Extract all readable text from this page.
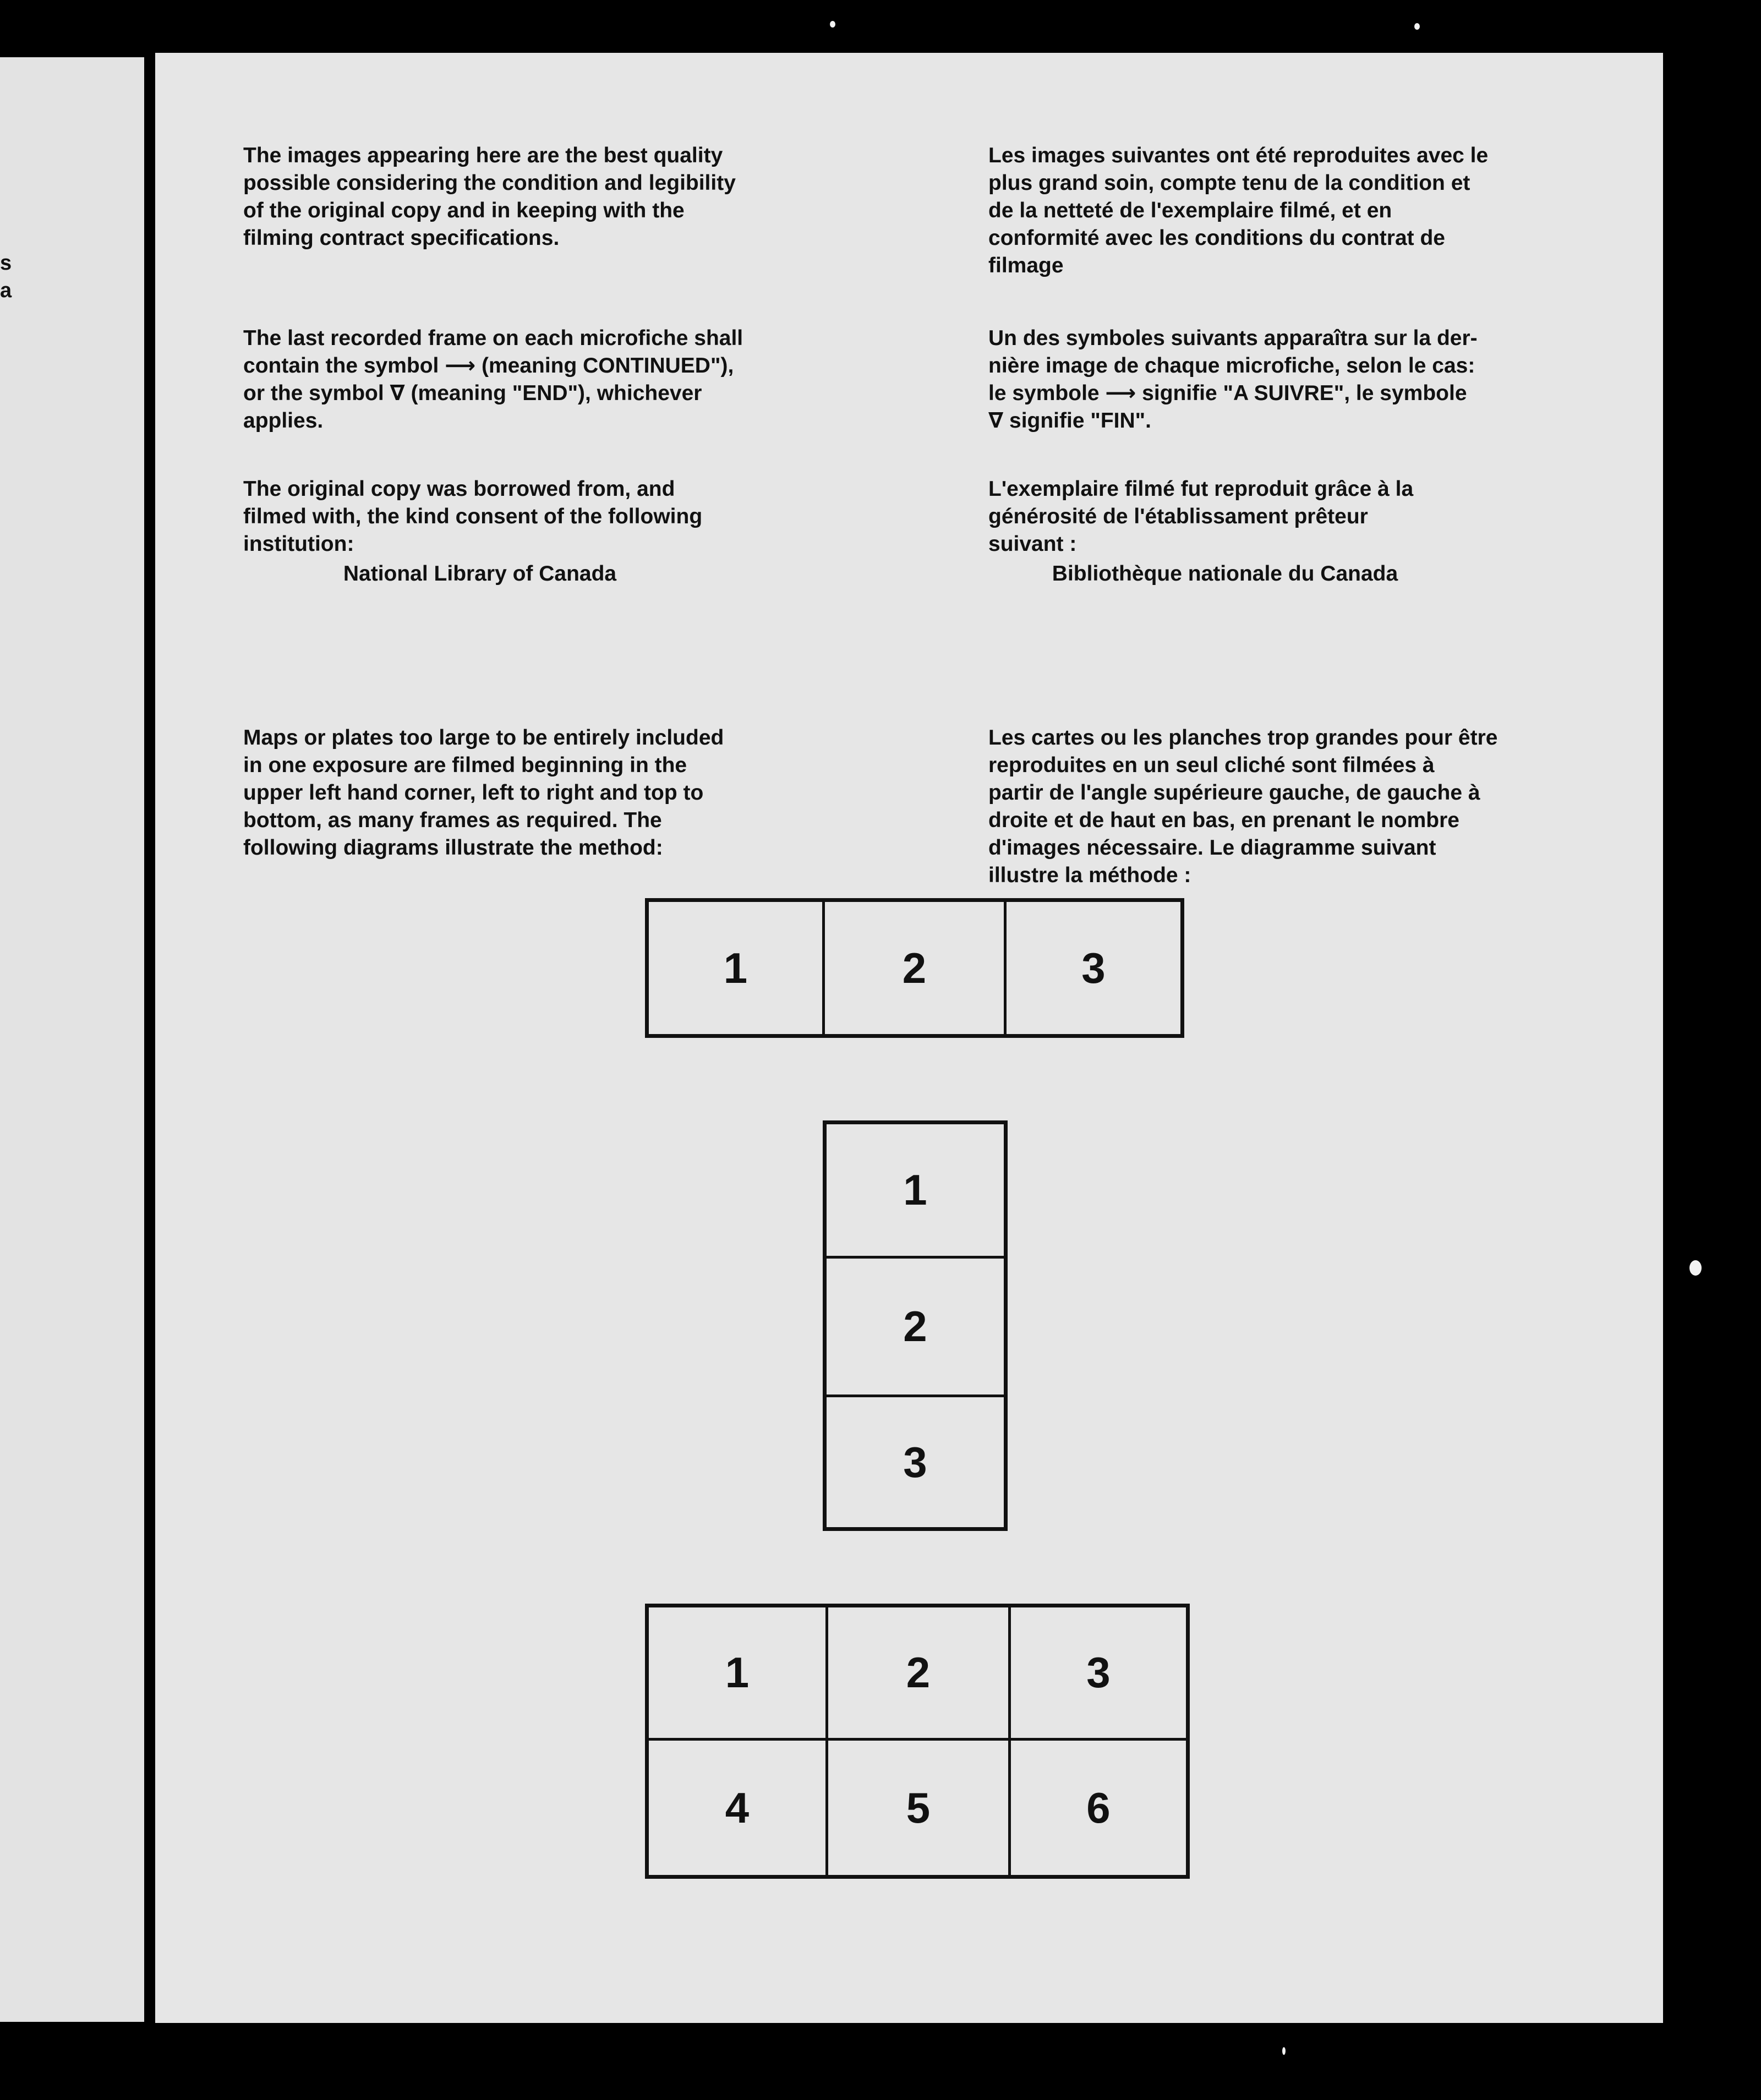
s
a

The images appearing here are the best quality
possible considering the condition and legibility
of the original copy and in keeping with the
filming contract specifications.

The last recorded frame on each microfiche shall
contain the symbol ⟶ (meaning CONTINUED"),
or the symbol ∇ (meaning "END"), whichever
applies.

The original copy was borrowed from, and
filmed with, the kind consent of the following
institution:

National Library of Canada

Maps or plates too large to be entirely included
in one exposure are filmed beginning in the
upper left hand corner, left to right and top to
bottom, as many frames as required. The
following diagrams illustrate the method:

Les images suivantes ont été reproduites avec le
plus grand soin, compte tenu de la condition et
de la netteté de l'exemplaire filmé, et en
conformité avec les conditions du contrat de
filmage

Un des symboles suivants apparaîtra sur la der-
nière image de chaque microfiche, selon le cas:
le symbole ⟶ signifie "A SUIVRE", le symbole
∇ signifie "FIN".

L'exemplaire filmé fut reproduit grâce à la
générosité de l'établissament prêteur
suivant :

Bibliothèque nationale du Canada

Les cartes ou les planches trop grandes pour être
reproduites en un seul cliché sont filmées à
partir de l'angle supérieure gauche, de gauche à
droite et de haut en bas, en prenant le nombre
d'images nécessaire. Le diagramme suivant
illustre la méthode :

1	2	3
1
2
3
1	2	3
4	5	6
